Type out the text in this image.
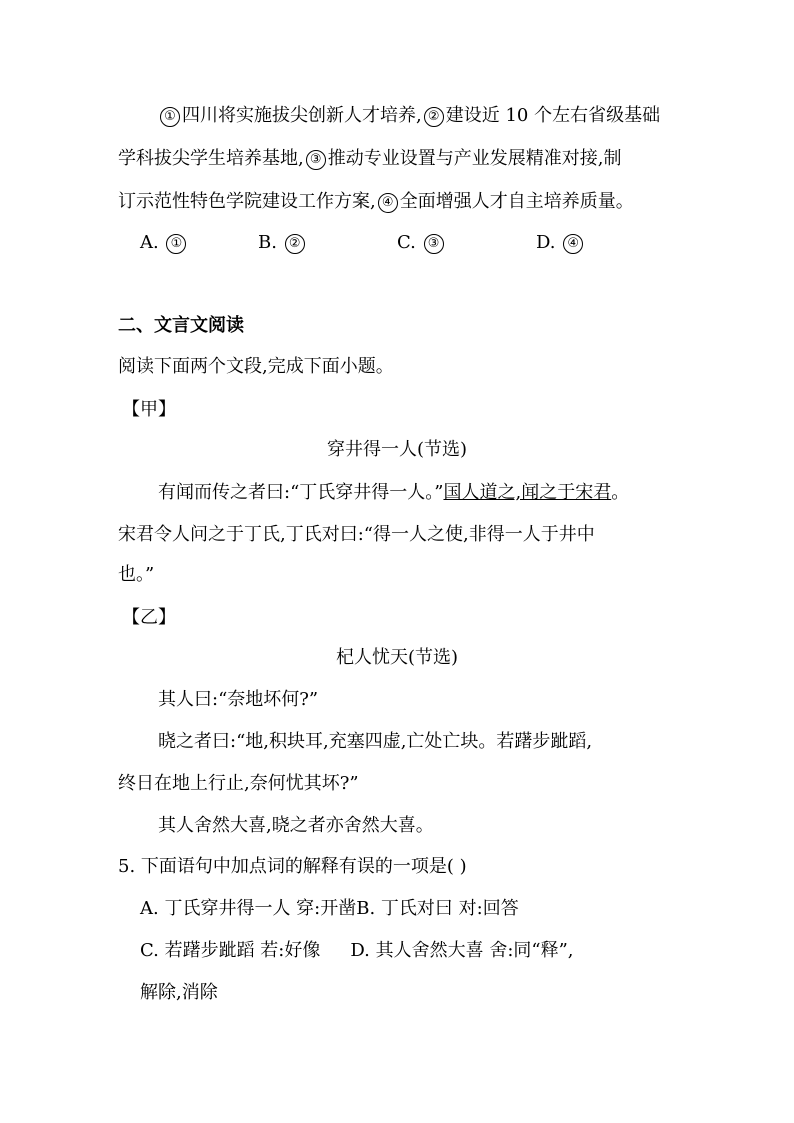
① 四川将实施拔尖创新人才培养, ② 建设近 10 个左右省级基础
学科拔尖学生培养基地, ③ 推动专业设置与产业发展精准对接,制
订示范性特色学院建设工作方案, ④ 全面增强人才自主培养质量。
A. ①	B. ②	C. ③	D. ④
二、文言文阅读
阅读下面两个文段,完成下面小题。
【甲】
穿井得一人(节选)
有闻而传之者曰:“丁氏穿井得一人。”国人道之,闻之于宋君。
宋君令人问之于丁氏,丁氏对曰:“得一人之使,非得一人于井中
也。”
【乙】
杞人忧天(节选)
其人曰:“奈地坏何?”
晓之者曰:“地,积块耳,充塞四虚,亡处亡块。若躇步跐蹈,
终日在地上行止,奈何忧其坏?”
其人舍然大喜,晓之者亦舍然大喜。
5. 下面语句中加点词的解释有误的一项是( )
A. 丁氏穿井得一人 穿:开凿B. 丁氏对曰 对:回答
C. 若躇步跐蹈 若:好像 D. 其人舍然大喜 舍:同“释”,
解除,消除
